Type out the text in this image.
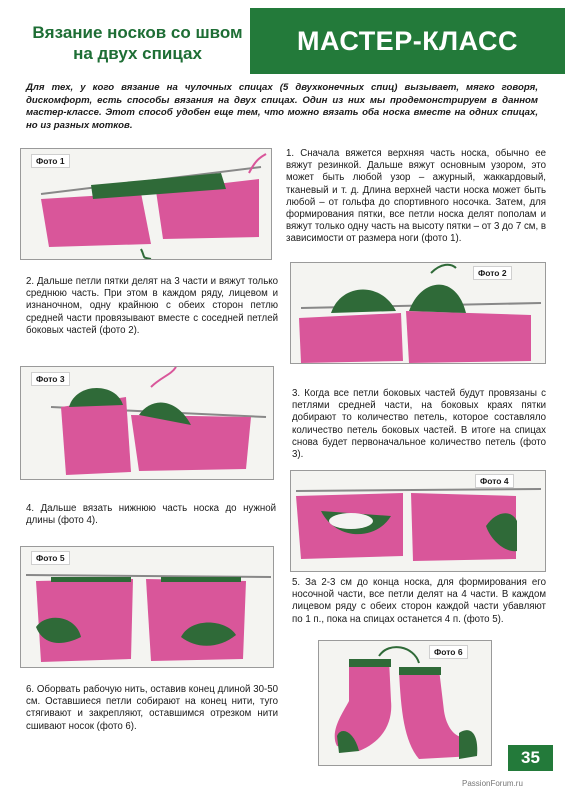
Вязание носков со швом
на двух спицах	МАСТЕР-КЛАСС
Для тех, у кого вязание на чулочных спицах (5 двухконечных спиц) вызывает, мягко говоря, дискомфорт, есть способы вязания на двух спицах. Один из них мы продемонстрируем в данном мастер-классе. Этот способ удобен еще тем, что можно вязать оба носка вместе на одних спицах, но из разных мотков.
Фото 1
1. Сначала вяжется верхняя часть носка, обычно ее вяжут резинкой. Дальше вяжут основным узором, это может быть любой узор – ажурный, жаккардовый, тканевый и т. д. Длина верхней части носка может быть любой – от гольфа до спортивного носочка. Затем, для формирования пятки, все петли носка делят пополам и вяжут только одну часть на высоту пятки – от 3 до 7 см, в зависимости от размера ноги (фото 1).
2. Дальше петли пятки делят на 3 части и вяжут только среднюю часть. При этом в каждом ряду, лицевом и изнаночном, одну крайнюю с обеих сторон петлю средней части провязывают вместе с соседней петлей боковых частей (фото 2).
Фото 2
Фото 3
3. Когда все петли боковых частей будут провязаны с петлями средней части, на боковых краях пятки добирают то количество петель, которое составляло количество петель боковых частей. В итоге на спицах снова будет первоначальное количество петель (фото 3).
4. Дальше вязать нижнюю часть носка до нужной длины (фото 4).
Фото 4
Фото 5
5. За 2-3 см до конца носка, для формирования его носочной части, все петли делят на 4 части. В каждом лицевом ряду с обеих сторон каждой части убавляют по 1 п., пока на спицах останется 4 п. (фото 5).
Фото 6
6. Оборвать рабочую нить, оставив конец длиной 30-50 см. Оставшиеся петли собирают на конец нити, туго стягивают и закрепляют, оставшимся отрезком нити сшивают носок (фото 6).
35
PassionForum.ru
